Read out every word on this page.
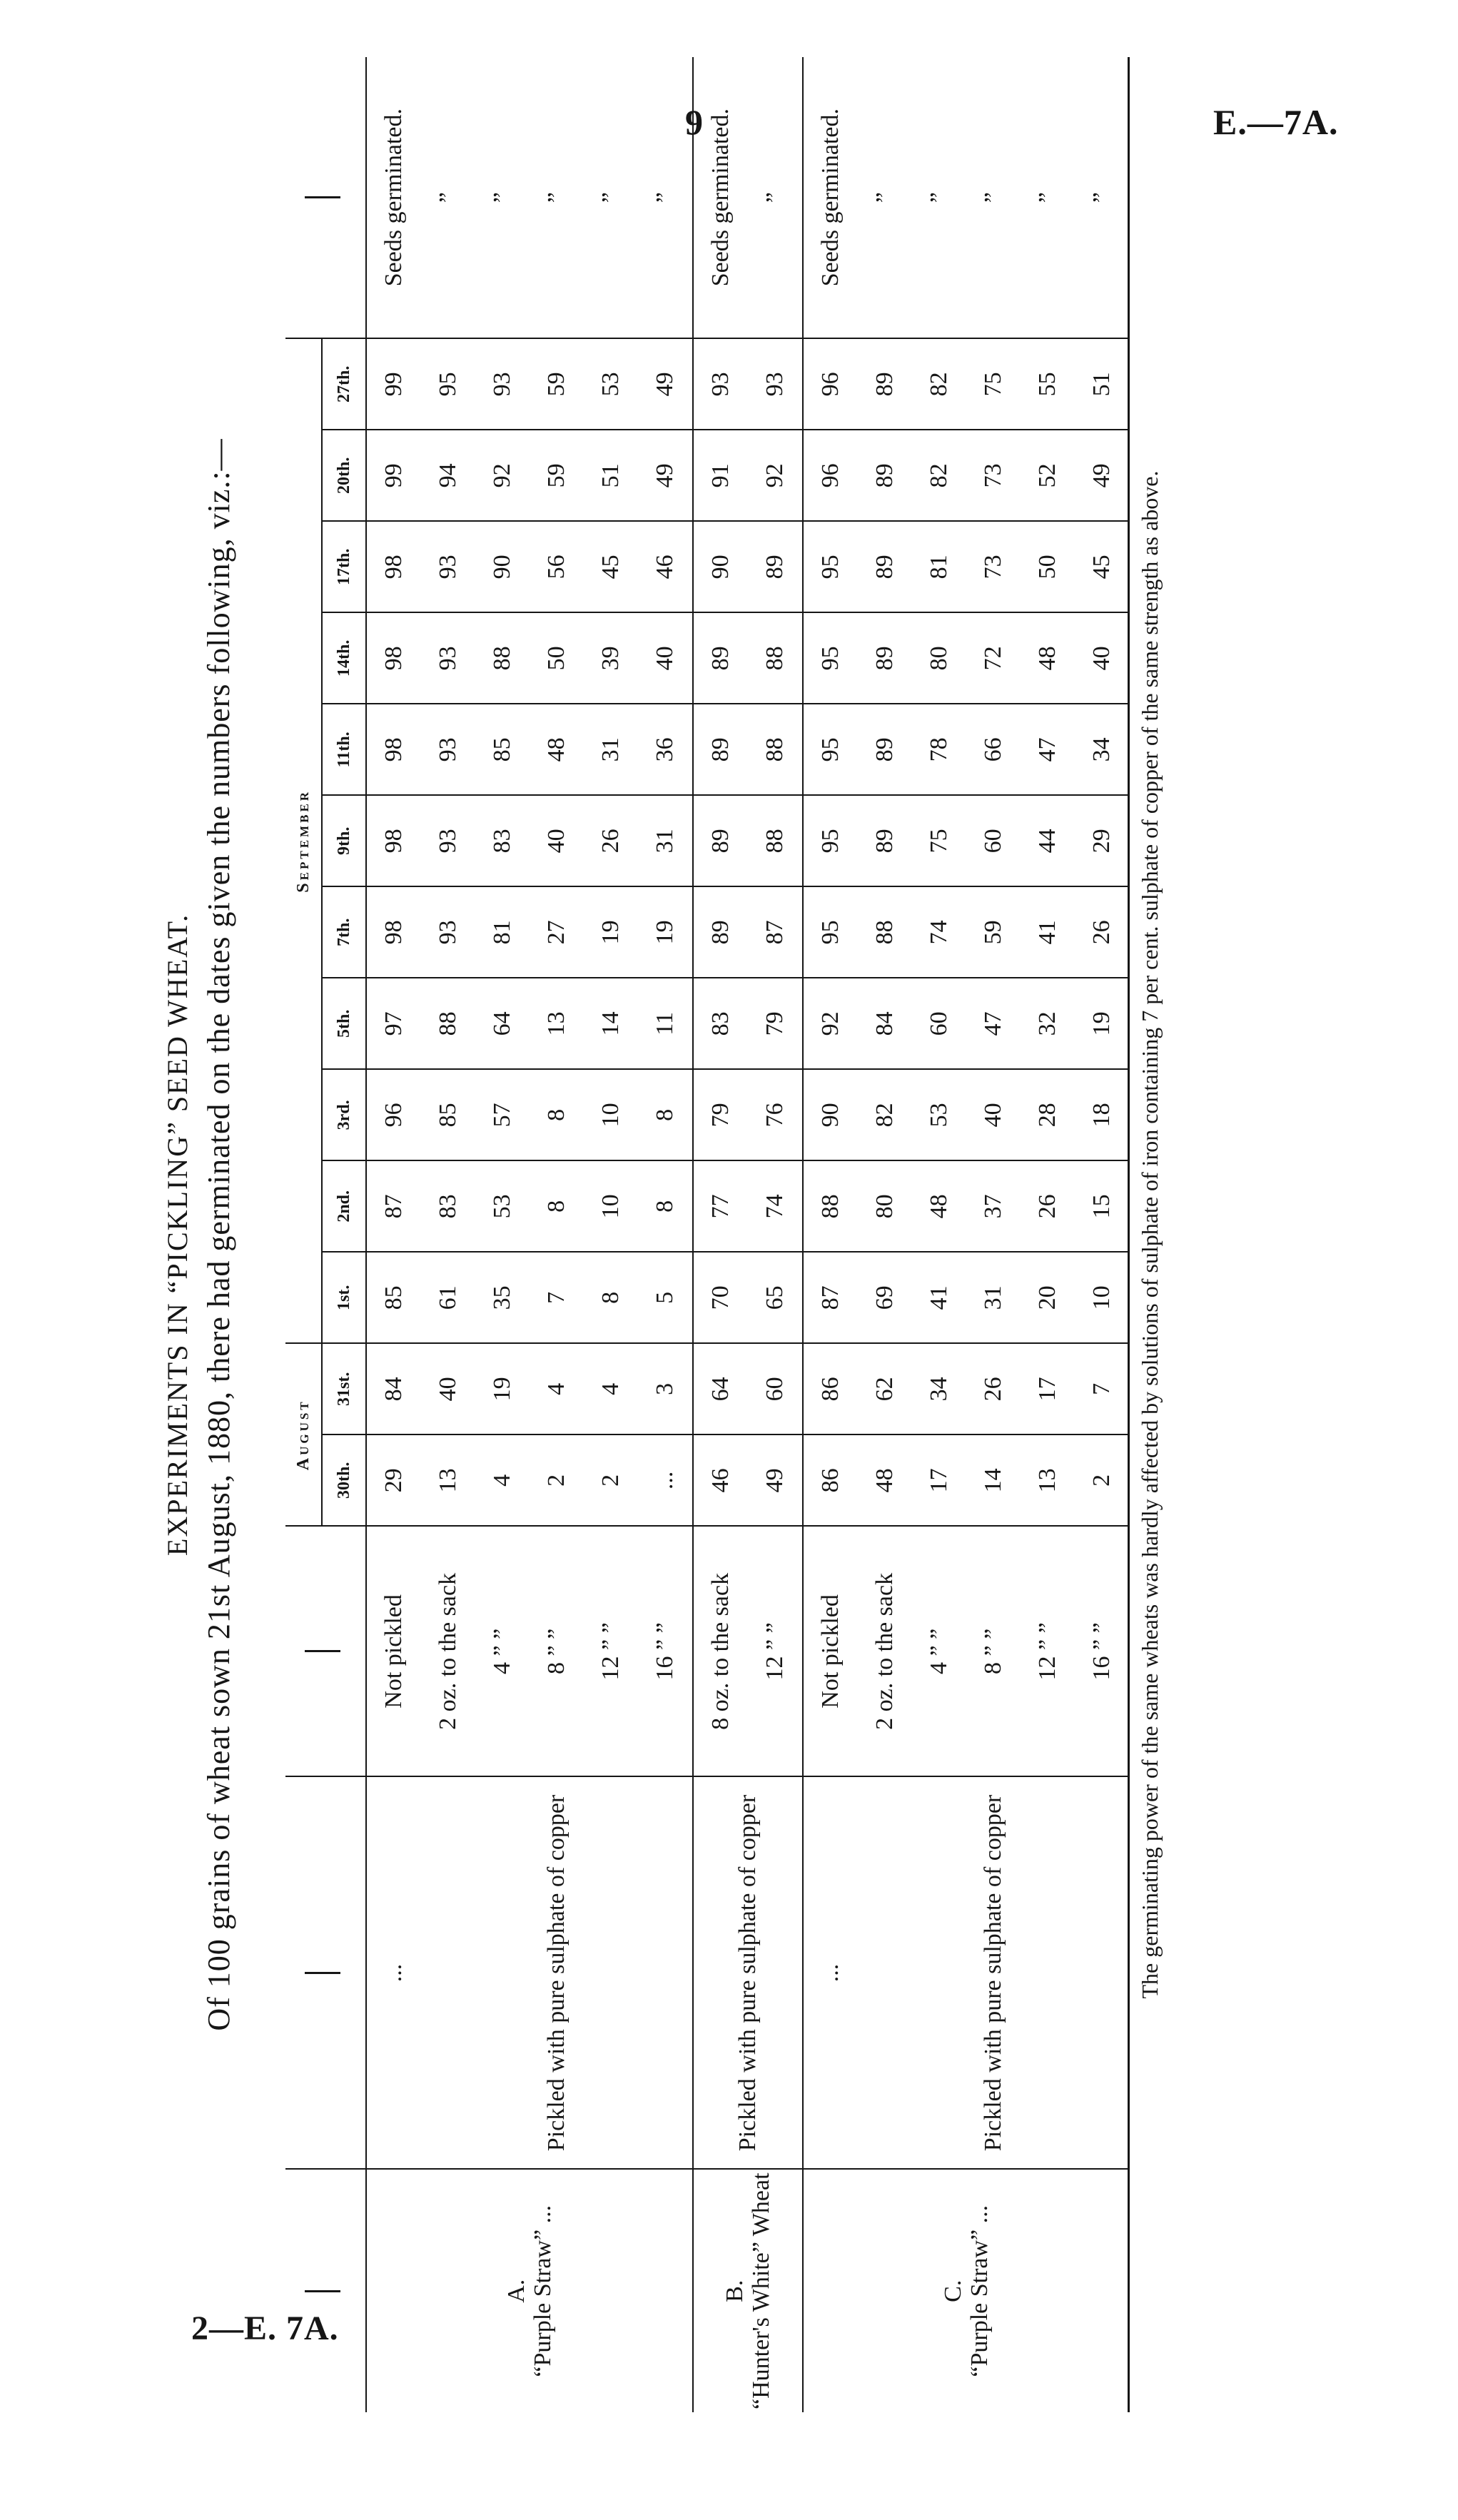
9	E.—7A.
2—E. 7A.
EXPERIMENTS IN “PICKLING” SEED WHEAT. Of 100 grains of wheat sown 21st August, 1880, there had germinated on the dates given the numbers following, viz.:—
				August		September											
			30th.	31st.	1st.	2nd.	3rd.	5th.	7th.	9th.	11th.	14th.	17th.	20th.	27th.	

A. “Purple Straw” ...	...	Not pickled	29	84	85	87	96	97	98	98	98	98	98	99	99	Seeds germinated.
	Pickled with pure sulphate of copper	2 oz. to the sack	13	40	61	83	85	88	93	93	93	93	93	94	95	”
		4 ” ”	4	19	35	53	57	64	81	83	85	88	90	92	93	”
		8 ” ”	2	4	7	8	8	13	27	40	48	50	56	59	59	”
		12 ” ”	2	4	8	10	10	14	19	26	31	39	45	51	53	”
		16 ” ”	...	3	5	8	8	11	19	31	36	40	46	49	49	”

B. “Hunter's White” Wheat	Pickled with pure sulphate of copper	8 oz. to the sack	46	64	70	77	79	83	89	89	89	89	90	91	93	Seeds germinated.
		12 ” ”	49	60	65	74	76	79	87	88	88	88	89	92	93	”

C. “Purple Straw” ...	...	Not pickled	86	86	87	88	90	92	95	95	95	95	95	96	96	Seeds germinated.
	Pickled with pure sulphate of copper	2 oz. to the sack	48	62	69	80	82	84	88	89	89	89	89	89	89	”
		4 ” ”	17	34	41	48	53	60	74	75	78	80	81	82	82	”
		8 ” ”	14	26	31	37	40	47	59	60	66	72	73	73	75	”
		12 ” ”	13	17	20	26	28	32	41	44	47	48	50	52	55	”
		16 ” ”	2	7	10	15	18	19	26	29	34	40	45	49	51	”
The germinating power of the same wheats was hardly affected by solutions of sulphate of iron containing 7 per cent. sulphate of copper of the same strength as above.
